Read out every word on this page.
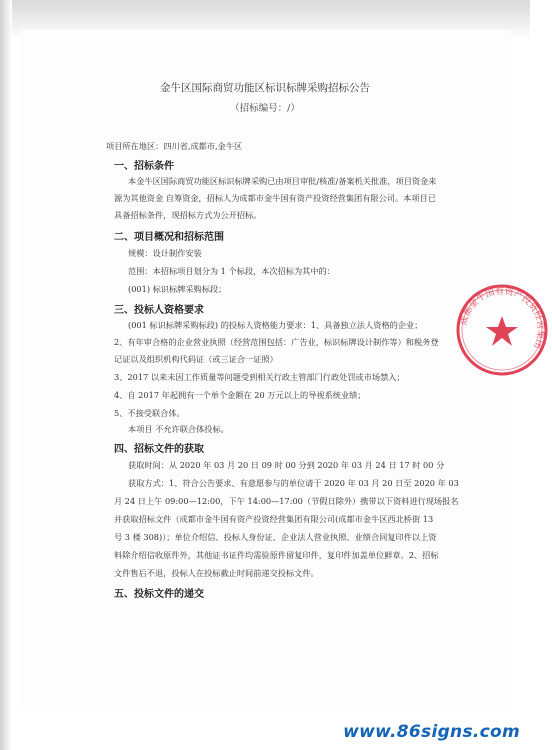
金牛区国际商贸功能区标识标牌采购招标公告
（招标编号：/）
项目所在地区：四川省,成都市,金牛区
一、招标条件
本金牛区国际商贸功能区标识标牌采购已由项目审批/核准/备案机关批准，项目资金来
源为其他资金 自筹资金，招标人为成都市金牛国有资产投资经营集团有限公司。本项目已
具备招标条件，现招标方式为公开招标。
二、项目概况和招标范围
规模：设计制作安装
范围：本招标项目划分为 1 个标段，本次招标为其中的：
(001) 标识标牌采购标段；
三、投标人资格要求
(001 标识标牌采购标段) 的投标人资格能力要求：1、具备独立法人资格的企业；
2、有年审合格的企业营业执照（经营范围包括：广告业，标识标牌设计制作等）和税务登
记证以及组织机构代码证（或三证合一证照）
3、2017 以来未因工作质量等问题受到相关行政主管部门行政处罚或市场禁入；
4、自 2017 年起拥有一个单个金额在 20 万元以上的导视系统业绩；
5、不接受联合体。
本项目 不允许联合体投标。
四、招标文件的获取
获取时间：从 2020 年 03 月 20 日 09 时 00 分到 2020 年 03 月 24 日 17 时 00 分
获取方式：1、符合公告要求、有意愿参与的单位请于 2020 年 03 月 20 日至 2020 年 03
月 24 日上午 09:00—12:00，下午 14:00—17:00（节假日除外）携带以下资料进行现场报名
并获取招标文件（成都市金牛国有资产投资经营集团有限公司(成都市金牛区西北桥街 13
号 3 楼 308)）；单位介绍信、投标人身份证、企业法人营业执照、业绩合同复印件以上资
料除介绍信收原件外，其他证书证件均需验原件留复印件，复印件加盖单位鲜章。2、招标
文件售后不退，投标人在投标截止时间前递交投标文件。
五、投标文件的递交
成都金牛国有资产投资经营集团
www.86signs.com
